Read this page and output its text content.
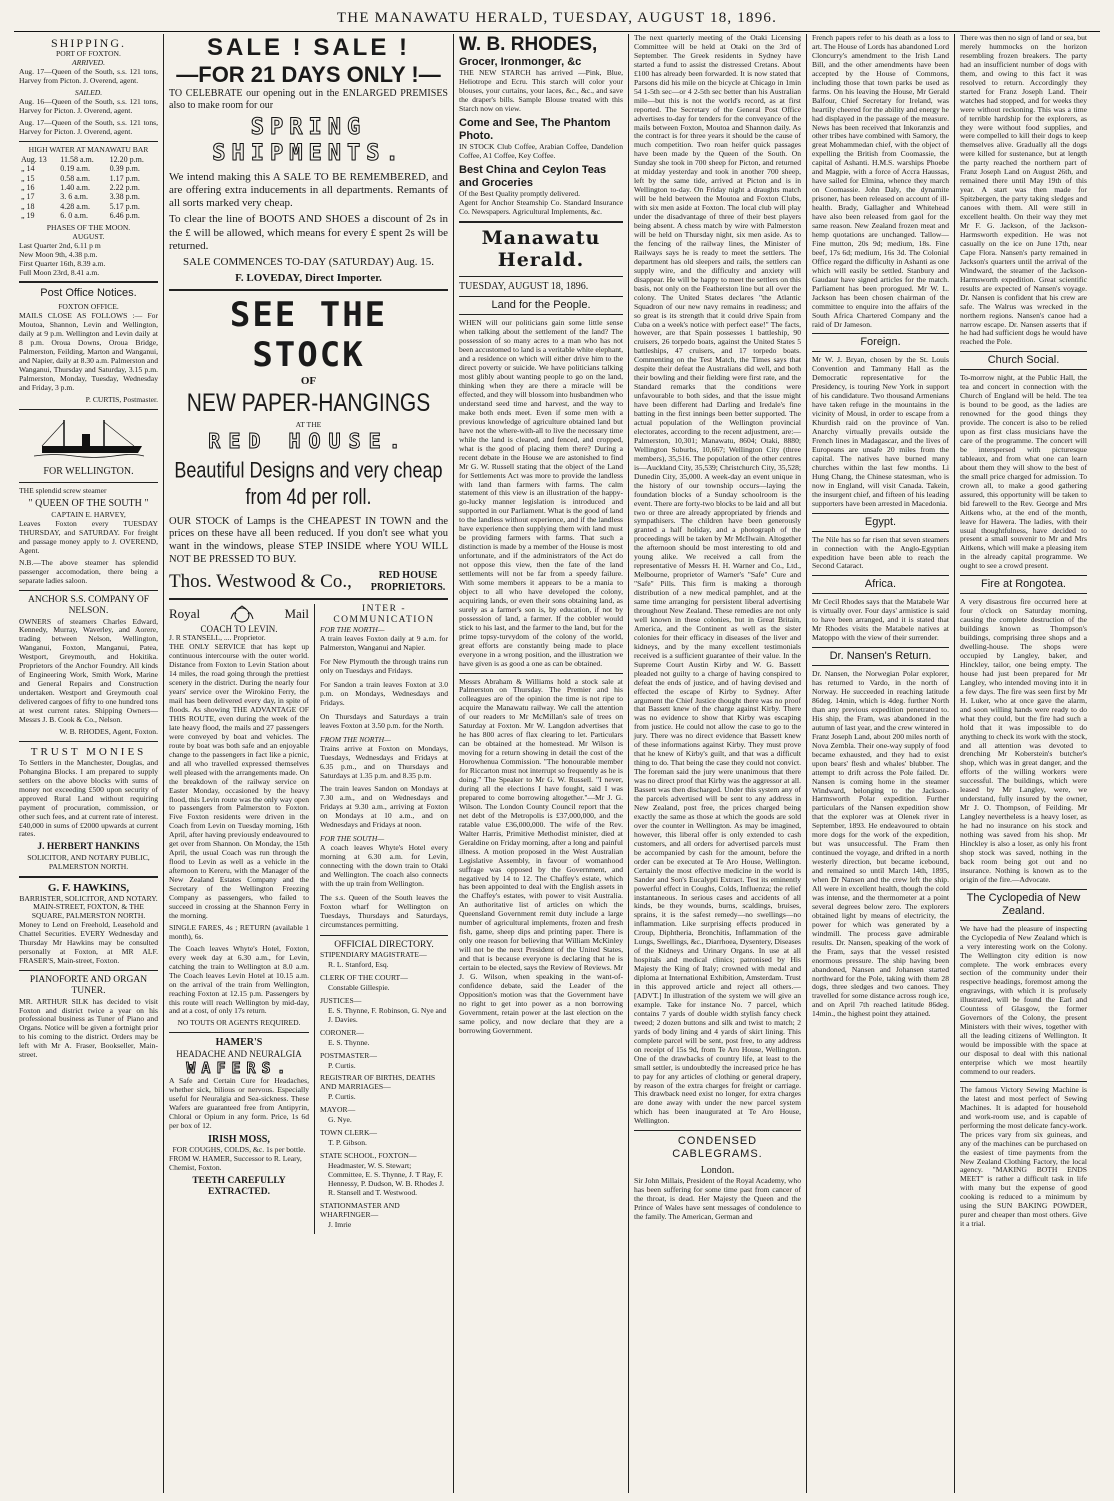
THE MANAWATU HERALD, TUESDAY, AUGUST 18, 1896.
SHIPPING.
PORT OF FOXTON.
ARRIVED.

Aug. 17—Queen of the South, s.s. 121 tons, Harvey from Picton. J. Overend, agent.

SAILED.

Aug. 16—Queen of the South, s.s. 121 tons, Harvey for Picton. J. Overend, agent.

Aug. 17—Queen of the South, s.s. 121 tons, Harvey for Picton. J. Overend, agent.

HIGH WATER AT MANAWATU BAR
Aug. 13	11.58 a.m.	12.20 p.m.
„ 14	0.19 a.m.	0.39 p.m.
„ 15	0.58 a.m.	1.17 p.m.
„ 16	1.40 a.m.	2.22 p.m.
„ 17	3. 6 a.m.	3.38 p.m.
„ 18	4.28 a.m.	5.17 p.m.
„ 19	6. 0 a.m.	6.46 p.m.
PHASES OF THE MOON.
AUGUST.
Last Quarter 2nd, 6.11 p m
New Moon 9th, 4.38 p.m.
First Quarter 16th, 8.39 a.m.
Full Moon 23rd, 8.41 a.m.
Post Office Notices.
FOXTON OFFICE.

MAILS CLOSE AS FOLLOWS :— For Moutoa, Shannon, Levin and Wellington, daily at 9 p.m. Wellington and Levin daily at 8 p.m. Oroua Downs, Oroua Bridge, Palmerston, Feilding, Marton and Wanganui, and Napier, daily at 8.30 a.m. Palmerston and Wanganui, Thursday and Saturday, 3.15 p.m. Palmerston, Monday, Tuesday, Wednesday and Friday, 3 p.m.

P. CURTIS, Postmaster.
FOR WELLINGTON.
THE splendid screw steamer
" QUEEN OF THE SOUTH "
CAPTAIN E. HARVEY,

Leaves Foxton every TUESDAY THURSDAY, and SATURDAY. For freight and passage money apply to J. OVEREND, Agent.

N.B.—The above steamer has splendid passenger accomodation, there being a separate ladies saloon.

ANCHOR S.S. COMPANY OF NELSON.

OWNERS of steamers Charles Edward, Kennedy, Murray, Waverley, and Aorere, trading between Nelson, Wellington, Wanganui, Foxton, Manganui, Patea, Westport, Greymouth, and Hokitika. Proprietors of the Anchor Foundry. All kinds of Engineering Work, Smith Work, Marine and General Repairs and Construction undertaken. Westport and Greymouth coal delivered cargoes of fifty to one hundred tons at west current rates. Shipping Owners— Messrs J. B. Cook & Co., Nelson.

W. B. RHODES, Agent, Foxton.
TRUST MONIES

To Settlers in the Manchester, Douglas, and Pohangina Blocks. I am prepared to supply settlers on the above blocks with sums of money not exceeding £500 upon security of approved Rural Land without requiring payment of procuration, commission, or other such fees, and at current rate of interest. £40,000 in sums of £2000 upwards at current rates.

J. HERBERT HANKINS
SOLICITOR, AND NOTARY PUBLIC, PALMERSTON NORTH.
G. F. HAWKINS,
BARRISTER, SOLICITOR, AND NOTARY. MAIN-STREET, FOXTON, & THE SQUARE, PALMERSTON NORTH.

Money to Lend on Freehold, Leasehold and Chattel Securities. EVERY Wednesday and Thursday Mr Hawkins may be consulted personally at Foxton, at MR ALF. FRASER'S, Main-street, Foxton.

PIANOFORTE AND ORGAN TUNER.

MR. ARTHUR SILK has decided to visit Foxton and district twice a year on his professional business as Tuner of Piano and Organs. Notice will be given a fortnight prior to his coming to the district. Orders may be left with Mr A. Fraser, Bookseller, Main-street.

SALE ! SALE !
—FOR 21 DAYS ONLY !—

TO CELEBRATE our opening out in the ENLARGED PREMISES also to make room for our

SPRING SHIPMENTS.

We intend making this A SALE TO BE REMEMBERED, and are offering extra inducements in all departments. Remants of all sorts marked very cheap.

To clear the line of BOOTS AND SHOES a discount of 2s in the £ will be allowed, which means for every £ spent 2s will be returned.

SALE COMMENCES TO-DAY (SATURDAY) Aug. 15.
F. LOVEDAY, Direct Importer.
SEE THE STOCK
OF
NEW PAPER-HANGINGS
AT THE
RED HOUSE.
Beautiful Designs and very cheap from 4d per roll.

OUR STOCK of Lamps is the CHEAPEST IN TOWN and the prices on these have all been reduced. If you don't see what you want in the windows, please STEP INSIDE where YOU WILL NOT BE PRESSED TO BUY.

Thos. Westwood & Co.,	RED HOUSE PROPRIETORS.
Royal	Mail
COACH TO LEVIN.
J. R STANSELL, .... Proprietor.

THE ONLY SERVICE that has kept up continuous intercourse with the outer world. Distance from Foxton to Levin Station about 14 miles, the road going through the prettiest scenery in the district. During the nearly four years' service over the Wirokino Ferry, the mail has been delivered every day, in spite of floods. As showing THE ADVANTAGE OF THIS ROUTE, even during the week of the late heavy flood, the mails and 27 passengers were conveyed by boat and vehicles. The route by boat was both safe and an enjoyable change to the passengers in fact like a picnic, and all who travelled expressed themselves well pleased with the arrangements made. On the breakdown of the railway service on Easter Monday, occasioned by the heavy flood, this Levin route was the only way open to passengers from Palmerston to Foxton. Five Foxton residents were driven in the Coach from Levin on Tuesday morning, 16th April, after having previously endeavoured to get over from Shannon. On Monday, the 15th April, the usual Coach was run through the flood to Levin as well as a vehicle in the afternoon to Kereru, with the Manager of the New Zealand Estates Company and the Secretary of the Wellington Freezing Company as passengers, who failed to succeed in crossing at the Shannon Ferry in the morning.

SINGLE FARES, 4s ; RETURN (available 1 month), 6s.

The Coach leaves Whyte's Hotel, Foxton, every week day at 6.30 a.m., for Levin, catching the train to Wellington at 8.0 a.m. The Coach leaves Levin Hotel at 10.15 a.m. on the arrival of the train from Wellington, reaching Foxton at 12.15 p.m. Passengers by this route will reach Wellington by mid-day, and at a cost, of only 17s return.

NO TOUTS OR AGENTS REQUIRED.
HAMER'S
HEADACHE AND NEURALGIA
WAFERS.

A Safe and Certain Cure for Headaches, whether sick, bilious or nervous. Especially useful for Neuralgia and Sea-sickness. These Wafers are guaranteed free from Antipyrin, Chloral or Opium in any form. Price, 1s 6d per box of 12.

IRISH MOSS,
FOR COUGHS, COLDS, &c. 1s per bottle.
FROM W. HAMER, Successor to R. Leary, Chemist, Foxton.
TEETH CAREFULLY EXTRACTED.
INTER - COMMUNICATION
FOR THE NORTH—

A train leaves Foxton daily at 9 a.m. for Palmerston, Wanganui and Napier.

For New Plymouth the through trains run only on Tuesdays and Fridays.

For Sandon a train leaves Foxton at 3.0 p.m. on Mondays, Wednesdays and Fridays.

On Thursdays and Saturdays a train leaves Foxton at 3.50 p.m. for the North.

FROM THE NORTH—

Trains arrive at Foxton on Mondays, Tuesdays, Wednesdays and Fridays at 6.35 p.m., and on Thursdays and Saturdays at 1.35 p.m. and 8.35 p.m.

The train leaves Sandon on Mondays at 7.30 a.m., and on Wednesdays and Fridays at 9.30 a.m., arriving at Foxton on Mondays at 10 a.m., and on Wednesdays and Fridays at noon.

FOR THE SOUTH—

A coach leaves Whyte's Hotel every morning at 6.30 a.m. for Levin, connecting with the down train to Otaki and Wellington. The coach also connects with the up train from Wellington.

The s.s. Queen of the South leaves the Foxton wharf for Wellington on Tuesdays, Thursdays and Saturdays, circumstances permitting.

OFFICIAL DIRECTORY.
STIPENDIARY MAGISTRATE—
R. L. Stanford, Esq.
CLERK OF THE COURT—
Constable Gillespie.
JUSTICES—
E. S. Thynne, F. Robinson, G. Nye and J. Davies.
CORONER—
E. S. Thynne.
POSTMASTER—
P. Curtis.
REGISTRAR OF BIRTHS, DEATHS AND MARRIAGES—
P. Curtis.
MAYOR—
G. Nye.
TOWN CLERK—
T. P. Gibson.
STATE SCHOOL, FOXTON—
Headmaster, W. S. Stewart; Committee, E. S. Thynne, J. T Ray, F. Hennessy, P. Dudson, W. B. Rhodes J. R. Stansell and T. Westwood.
STATIONMASTER AND WHARFINGER—
J. Imrie
W. B. RHODES,
Grocer, Ironmonger, &c

THE NEW STARCH has arrived —Pink, Blue, Heliotrope and Ecru. This starch will color your blouses, your curtains, your laces, &c., &c., and save the draper's bills. Sample Blouse treated with this Starch now on view.

Come and See, The Phantom Photo.

IN STOCK Club Coffee, Arabian Coffee, Dandelion Coffee, A1 Coffee, Key Coffee.

Best China and Ceylon Teas and Groceries
Of the Best Quality promptly delivered.

Agent for Anchor Steamship Co. Standard Insurance Co. Newspapers. Agricultural Implements, &c.

Manawatu Herald.
TUESDAY, AUGUST 18, 1896.
Land for the People.

WHEN will our politicians gain some little sense when talking about the settlement of the land? The possession of so many acres to a man who has not been accustomed to land is a veritable white elephant, and a residence on which will either drive him to the direct poverty or suicide. We have politicians talking most glibly about wanting people to go on the land, thinking when they are there a miracle will be effected, and they will blossom into husbandmen who understand seed time and harvest, and the way to make both ends meet. Even if some men with a previous knowledge of agriculture obtained land but have not the where-with-all to live the necessary time while the land is cleared, and fenced, and cropped, what is the good of placing them there? During a recent debate in the House we are astonished to find Mr G. W. Russell stating that the object of the Land for Settlements Act was more to provide the landless with land than farmers with farms. The calm statement of this view is an illustration of the happy-go-lucky manner legislation is introduced and supported in our Parliament. What is the good of land to the landless without experience, and if the landless have experience then supplying them with land must be providing farmers with farms. That such a distinction is made by a member of the House is most unfortunate, and if the administrators of the Act do not oppose this view, then the fate of the land settlements will not be far from a speedy failure. With some members it appears to be a mania to object to all who have developed the colony, acquiring lands, or even their sons obtaining land, as surely as a farmer's son is, by education, if not by possession of land, a farmer. If the cobbler would stick to his last, and the farmer to the land, but for the prime topsy-turvydom of the colony of the world, great efforts are constantly being made to place everyone in a wrong position, and the illustration we have given is as good a one as can be obtained.

Messrs Abraham & Williams hold a stock sale at Palmerston on Thursday. The Premier and his colleagues are of the opinion the time is not ripe to acquire the Manawatu railway. We call the attention of our readers to Mr McMillan's sale of trees on Saturday at Foxton. Mr W. Langdon advertises that he has 800 acres of flax clearing to let. Particulars can be obtained at the homestead. Mr Wilson is moving for a return showing in detail the cost of the Horowhenua Commission. "The honourable member for Riccarton must not interrupt so frequently as he is doing." The Speaker to Mr G. W. Russell. "I never, during all the elections I have fought, said I was prepared to come borrowing altogether."—Mr J. G. Wilson. The London County Council report that the net debt of the Metropolis is £37,000,000, and the ratable value £36,000,000. The wife of the Rev. Walter Harris, Primitive Methodist minister, died at Geraldine on Friday morning, after a long and painful illness. A motion proposed in the West Australian Legislative Assembly, in favour of womanhood suffrage was opposed by the Government, and negatived by 14 to 12. The Chaffey's estate, which has been appointed to deal with the English assets in the Chaffey's estates, with power to visit Australia. An authoritative list of articles on which the Queensland Government remit duty include a large number of agricultural implements, frozen and fresh fish, game, sheep dips and printing paper. There is only one reason for believing that William McKinley will not be the next President of the United States, and that is because everyone is declaring that he is certain to be elected, says the Review of Reviews. Mr J. G. Wilson, when speaking in the want-of-confidence debate, said the Leader of the Opposition's motion was that the Government have no right to get into power as a non borrowing Government, retain power at the last election on the same policy, and now declare that they are a borrowing Government.

The next quarterly meeting of the Otaki Licensing Committee will be held at Otaki on the 3rd of September. The Greek residents in Sydney have started a fund to assist the distressed Cretans. About £100 has already been forwarded. It is now stated that Parsons did his mile on the bicycle at Chicago in 1min 54 1-5th sec—or 4 2-5th sec better than his Australian mile—but this is not the world's record, as at first reported. The Secretary of the General Post Office advertises to-day for tenders for the conveyance of the mails between Foxton, Moutoa and Shannon daily. As the contract is for three years it should be the cause of much competition. Two roan heifer quick passages have been made by the Queen of the South. On Sunday she took in 700 sheep for Picton, and returned at midday yesterday and took in another 700 sheep, left by the same tide, arrived at Picton and is in Wellington to-day. On Friday night a draughts match will be held between the Moutoa and Foxton Clubs, with six men aside at Foxton. The local club will play under the disadvantage of three of their best players being absent. A chess match by wire with Palmerston will be held on Thursday night, six men aside. As to the fencing of the railway lines, the Minister of Railways says he is ready to meet the settlers. The department has old sleepers and rails, the settlers can supply wire, and the difficulty and anxiety will disappear. He will be happy to meet the settlers on this basis, not only on the Featherston line but all over the colony. The United States declares "the Atlantic Squadron of our new navy remains in readiness; and so great is its strength that it could drive Spain from Cuba on a week's notice with perfect ease!" The facts, however, are that Spain possesses 1 battleship, 90 cruisers, 26 torpedo boats, against the United States 5 battleships, 47 cruisers, and 17 torpedo boats. Commenting on the Test Match, the Times says that despite their defeat the Australians did well, and both their bowling and their fielding were first rate, and the Standard remarks that the conditions were unfavourable to both sides, and that the issue might have been different had Darling and Iredale's fine batting in the first innings been better supported. The actual population of the Wellington provincial electorates, according to the recent adjustment, are:—Palmerston, 10,301; Manawatu, 8604; Otaki, 8880; Wellington Suburbs, 10,667; Wellington City (three members), 35,516. The population of the other centres is—Auckland City, 35,539; Christchurch City, 35,528; Dunedin City, 35,000. A week-day an event unique in the history of our township occurs—laying the foundation blocks of a Sunday schoolroom is the event. There are forty-two blocks to be laid and all but two or three are already appropriated by friends and sympathisers. The children have been generously granted a half holiday, and a photograph of the proceedings will be taken by Mr McIlwain. Altogether the afternoon should be most interesting to old and young alike. We received a call from the representative of Messrs H. H. Warner and Co., Ltd., Melbourne, proprietor of Warner's "Safe" Cure and "Safe" Pills. This firm is making a thorough distribution of a new medical pamphlet, and at the same time arranging for persistent liberal advertising throughout New Zealand. These remedies are not only well known in these colonies, but in Great Britain, America, and the Continent as well as the sister colonies for their efficacy in diseases of the liver and kidneys, and by the many excellent testimonials received is a sufficient guarantee of their value. In the Supreme Court Austin Kirby and W. G. Bassett pleaded not guilty to a charge of having conspired to defeat the ends of justice, and of having devised and effected the escape of Kirby to Sydney. After argument the Chief Justice thought there was no proof that Bassett knew of the charge against Kirby. There was no evidence to show that Kirby was escaping from justice. He could not allow the case to go to the jury. There was no direct evidence that Bassett knew of these informations against Kirby. They must prove that he knew of Kirby's guilt, and that was a difficult thing to do. That being the case they could not convict. The foreman said the jury were unanimous that there was no direct proof that Kirby was the aggressor at all. Bassett was then discharged. Under this system any of the parcels advertised will be sent to any address in New Zealand, post free, the prices charged being exactly the same as those at which the goods are sold over the counter in Wellington. As may be imagined, however, this liberal offer is only extended to cash customers, and all orders for advertised parcels must be accompanied by cash for the amount, before the order can be executed at Te Aro House, Wellington. Certainly the most effective medicine in the world is Sander and Son's Eucalypti Extract. Test its eminently powerful effect in Coughs, Colds, Influenza; the relief instantaneous. In serious cases and accidents of all kinds, be they wounds, burns, scaldings, bruises, sprains, it is the safest remedy—no swellings—no inflammation. Like surprising effects produced in Croup, Diphtheria, Bronchitis, Inflammation of the Lungs, Swellings, &c., Diarrhoea, Dysentery, Diseases of the Kidneys and Urinary Organs. In use at all hospitals and medical clinics; patronised by His Majesty the King of Italy; crowned with medal and diploma at International Exhibition, Amsterdam. Trust in this approved article and reject all others.—[ADVT.] In illustration of the system we will give an example. Take for instance No. 7 parcel, which contains 7 yards of double width stylish fancy check tweed; 2 dozen buttons and silk and twist to match; 2 yards of body lining and 4 yards of skirt lining. This complete parcel will be sent, post free, to any address on receipt of 15s 9d, from Te Aro House, Wellington. One of the drawbacks of country life, at least to the small settler, is undoubtedly the increased price he has to pay for any articles of clothing or general drapery, by reason of the extra charges for freight or carriage. This drawback need exist no longer, for extra charges are done away with under the new parcel system which has been inaugurated at Te Aro House, Wellington.

CONDENSED CABLEGRAMS.
London.

Sir John Millais, President of the Royal Academy, who has been suffering for some time past from cancer of the throat, is dead. Her Majesty the Queen and the Prince of Wales have sent messages of condolence to the family. The American, German and

French papers refer to his death as a loss to art. The House of Lords has abandoned Lord Cloncurry's amendment to the Irish Land Bill, and the other amendments have been accepted by the House of Commons, including those that town parks be used as farms. On his leaving the House, Mr Gerald Balfour, Chief Secretary for Ireland, was heartily cheered for the ability and energy he had displayed in the passage of the measure. News has been received that Inkoranzis and other tribes have combined with Samory, the great Mohammedan chief, with the object of expelling the British from Coomassie, the capital of Ashanti. H.M.S. warships Phoebe and Magpie, with a force of Accra Haussas, have sailed for Elmina, whence they march on Coomassie. John Daly, the dynamite prisoner, has been released on account of ill-health. Brady, Gallagher and Whitehead have also been released from gaol for the same reason. New Zealand frozen meat and hemp quotations are unchanged. Tallow—Fine mutton, 20s 9d; medium, 18s. Fine beef, 17s 6d; medium, 16s 3d. The Colonial Office regard the difficulty in Ashanti as one which will easily be settled. Stanbury and Gaudaur have signed articles for the match. Parliament has been prorogued. Mr W. L. Jackson has been chosen chairman of the committee to enquire into the affairs of the South Africa Chartered Company and the raid of Dr Jameson.

Foreign.

Mr W. J. Bryan, chosen by the St. Louis Convention and Tammany Hall as the Democratic representative for the Presidency, is touring New York in support of his candidature. Two thousand Armenians have taken refuge in the mountains in the vicinity of Mousl, in order to escape from a Khurdish raid on the province of Van. Anarchy virtually prevails outside the French lines in Madagascar, and the lives of Europeans are unsafe 20 miles from the capital. The natives have burned many churches within the last few months. Li Hung Chang, the Chinese statesman, who is now in England, will visit Canada. Takein, the insurgent chief, and fifteen of his leading supporters have been arrested in Macedonia.

Egypt.

The Nile has so far risen that seven steamers in connection with the Anglo-Egyptian expedition have been able to reach the Second Cataract.

Africa.

Mr Cecil Rhodes says that the Matabele War is virtually over. Four days' armistice is said to have been arranged, and it is stated that Mr Rhodes visits the Matabele natives at Matoppo with the view of their surrender.

Dr. Nansen's Return.

Dr. Nansen, the Norwegian Polar explorer, has returned to Vardo, in the north of Norway. He succeeded in reaching latitude 86deg. 14min, which is 4deg. further North than any previous expedition penetrated to. His ship, the Fram, was abandoned in the autumn of last year, and the crew wintered in Franz Joseph Land, about 200 miles north of Nova Zembla. Their one-way supply of food became exhausted, and they had to exist upon bears' flesh and whales' blubber. The attempt to drift across the Pole failed. Dr. Nansen is coming home in the steamer Windward, belonging to the Jackson-Harmsworth Polar expedition. Further particulars of the Nansen expedition show that the explorer was at Olenek river in September, 1893. He endeavoured to obtain more dogs for the work of the expedition, but was unsuccessful. The Fram then continued the voyage, and drifted in a north westerly direction, but became icebound, and remained so until March 14th, 1895, when Dr Nansen and the crew left the ship. All were in excellent health, though the cold was intense, and the thermometer at a point several degrees below zero. The explorers obtained light by means of electricity, the power for which was generated by a windmill. The process gave admirable results. Dr. Nansen, speaking of the work of the Fram, says that the vessel resisted enormous pressure. The ship having been abandoned, Nansen and Johansen started northward for the Pole, taking with them 28 dogs, three sledges and two canoes. They travelled for some distance across rough ice, and on April 7th reached latitude 86deg. 14min., the highest point they attained.

There was then no sign of land or sea, but merely hummocks on the horizon resembling frozen breakers. The party had an insufficient number of dogs with them, and owing to this fact it was resolved to return. Accordingly they started for Franz Joseph Land. Their watches had stopped, and for weeks they were without reckoning. This was a time of terrible hardship for the explorers, as they were without food supplies, and were compelled to kill their dogs to keep themselves alive. Gradually all the dogs were killed for sustenance, but at length the party reached the northern part of Franz Joseph Land on August 26th, and remained there until May 19th of this year. A start was then made for Spitzbergen, the party taking sledges and canoes with them. All were still in excellent health. On their way they met Mr F. G. Jackson, of the Jackson-Harmsworth expedition. He was not casually on the ice on June 17th, near Cape Flora. Nansen's party remained in Jackson's quarters until the arrival of the Windward, the steamer of the Jackson-Harmsworth expedition. Great scientific results are expected of Nansen's voyage. Dr. Nansen is confident that his crew are safe. The Walrus was wrecked in the northern regions. Nansen's canoe had a narrow escape. Dr. Nansen asserts that if he had had sufficient dogs he would have reached the Pole.

Church Social.

To-morrow night, at the Public Hall, the tea and concert in connection with the Church of England will be held. The tea is bound to be good, as the ladies are renowned for the good things they provide. The concert is also to be relied upon as first class musicians have the care of the programme. The concert will be interspersed with picturesque tableaux, and from what one can learn about them they will show to the best of the small price charged for admission. To crown all, to make a good gathering assured, this opportunity will be taken to bid farewell to the Rev. George and Mrs Aitkens who, at the end of the month, leave for Hawera. The ladies, with their usual thoughtfulness, have decided to present a small souvenir to Mr and Mrs Aitkens, which will make a pleasing item in the already capital programme. We ought to see a crowd present.

Fire at Rongotea.

A very disastrous fire occurred here at four o'clock on Saturday morning, causing the complete destruction of the buildings known as Thompson's buildings, comprising three shops and a dwelling-house. The shops were occupied by Langley, baker, and Hinckley, tailor, one being empty. The house had just been prepared for Mr Langley, who intended moving into it in a few days. The fire was seen first by Mr H. Luker, who at once gave the alarm, and soon willing hands were ready to do what they could, but the fire had such a hold that it was impossible to do anything to check its work with the stock, and all attention was devoted to drenching Mr Koberstein's butcher's shop, which was in great danger, and the efforts of the willing workers were successful. The buildings, which were leased by Mr Langley, were, we understand, fully insured by the owner, Mr J. O. Thompson, of Feilding. Mr Langley nevertheless is a heavy loser, as he had no insurance on his stock and nothing was saved from his shop. Mr Hinckley is also a loser, as only his front shop stock was saved, nothing in the back room being got out and no insurance. Nothing is known as to the origin of the fire.—Advocate.

The Cyclopedia of New Zealand.

We have had the pleasure of inspecting the Cyclopedia of New Zealand which is a very interesting work on the Colony. The Wellington city edition is now complete. The work embraces every section of the community under their respective headings, foremost among the engravings, with which it is profusely illustrated, will be found the Earl and Countess of Glasgow, the former Governors of the Colony, the present Ministers with their wives, together with all the leading citizens of Wellington. It would be impossible with the space at our disposal to deal with this national enterprise which we most heartily commend to our readers.

The famous Victory Sewing Machine is the latest and most perfect of Sewing Machines. It is adapted for household and work-room use, and is capable of performing the most delicate fancy-work. The prices vary from six guineas, and any of the machines can be purchased on the easiest of time payments from the New Zealand Clothing Factory, the local agency. "MAKING BOTH ENDS MEET" is rather a difficult task in life with many but the expense of good cooking is reduced to a minimum by using the SUN BAKING POWDER, purer and cheaper than most others. Give it a trial.
